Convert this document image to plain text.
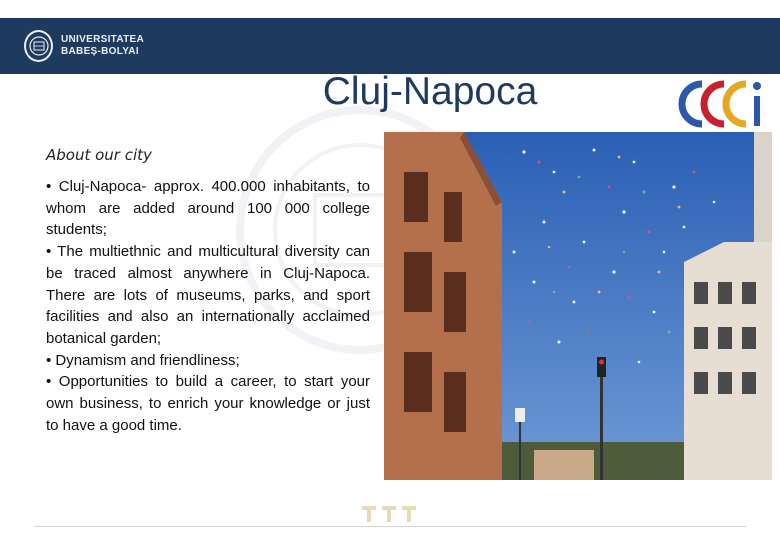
UNIVERSITATEA
BABEȘ-BOLYAI
Cluj-Napoca
About our city

• Cluj-Napoca- approx. 400.000 inhabitants, to whom are added around 100 000 college students;

• The multiethnic and multicultural diversity can be traced almost anywhere in Cluj-Napoca. There are lots of museums, parks, and sport facilities and also an internationally acclaimed botanical garden;

• Dynamism and friendliness;

• Opportunities to build a career, to start your own business, to enrich your knowledge or just to have a good time.
